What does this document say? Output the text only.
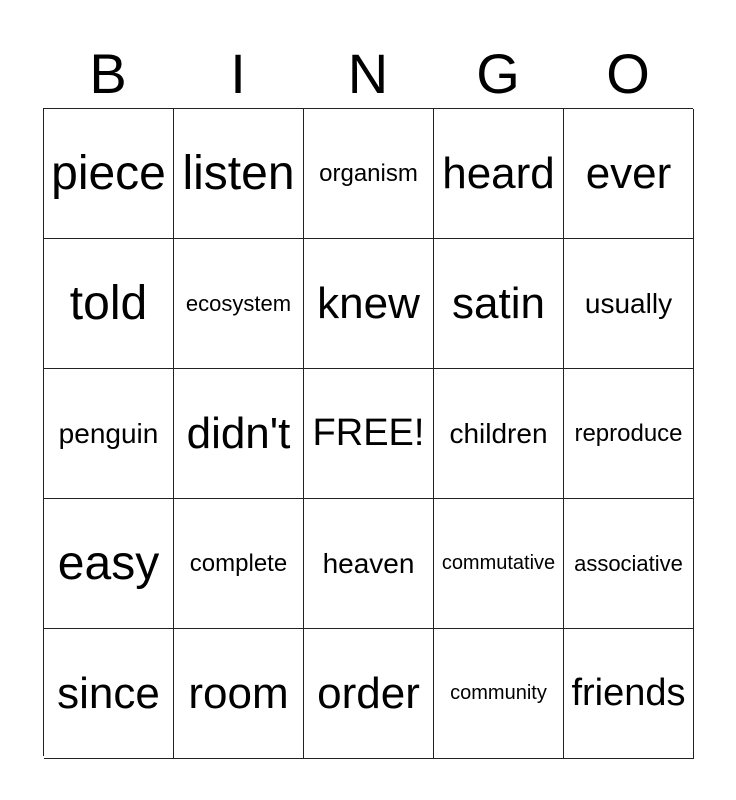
B	I	N	G	O
piece listen organism heard ever
told ecosystem knew satin usually
penguin didn't FREE! children reproduce
easy complete heaven commutative associative
since room order community friends
